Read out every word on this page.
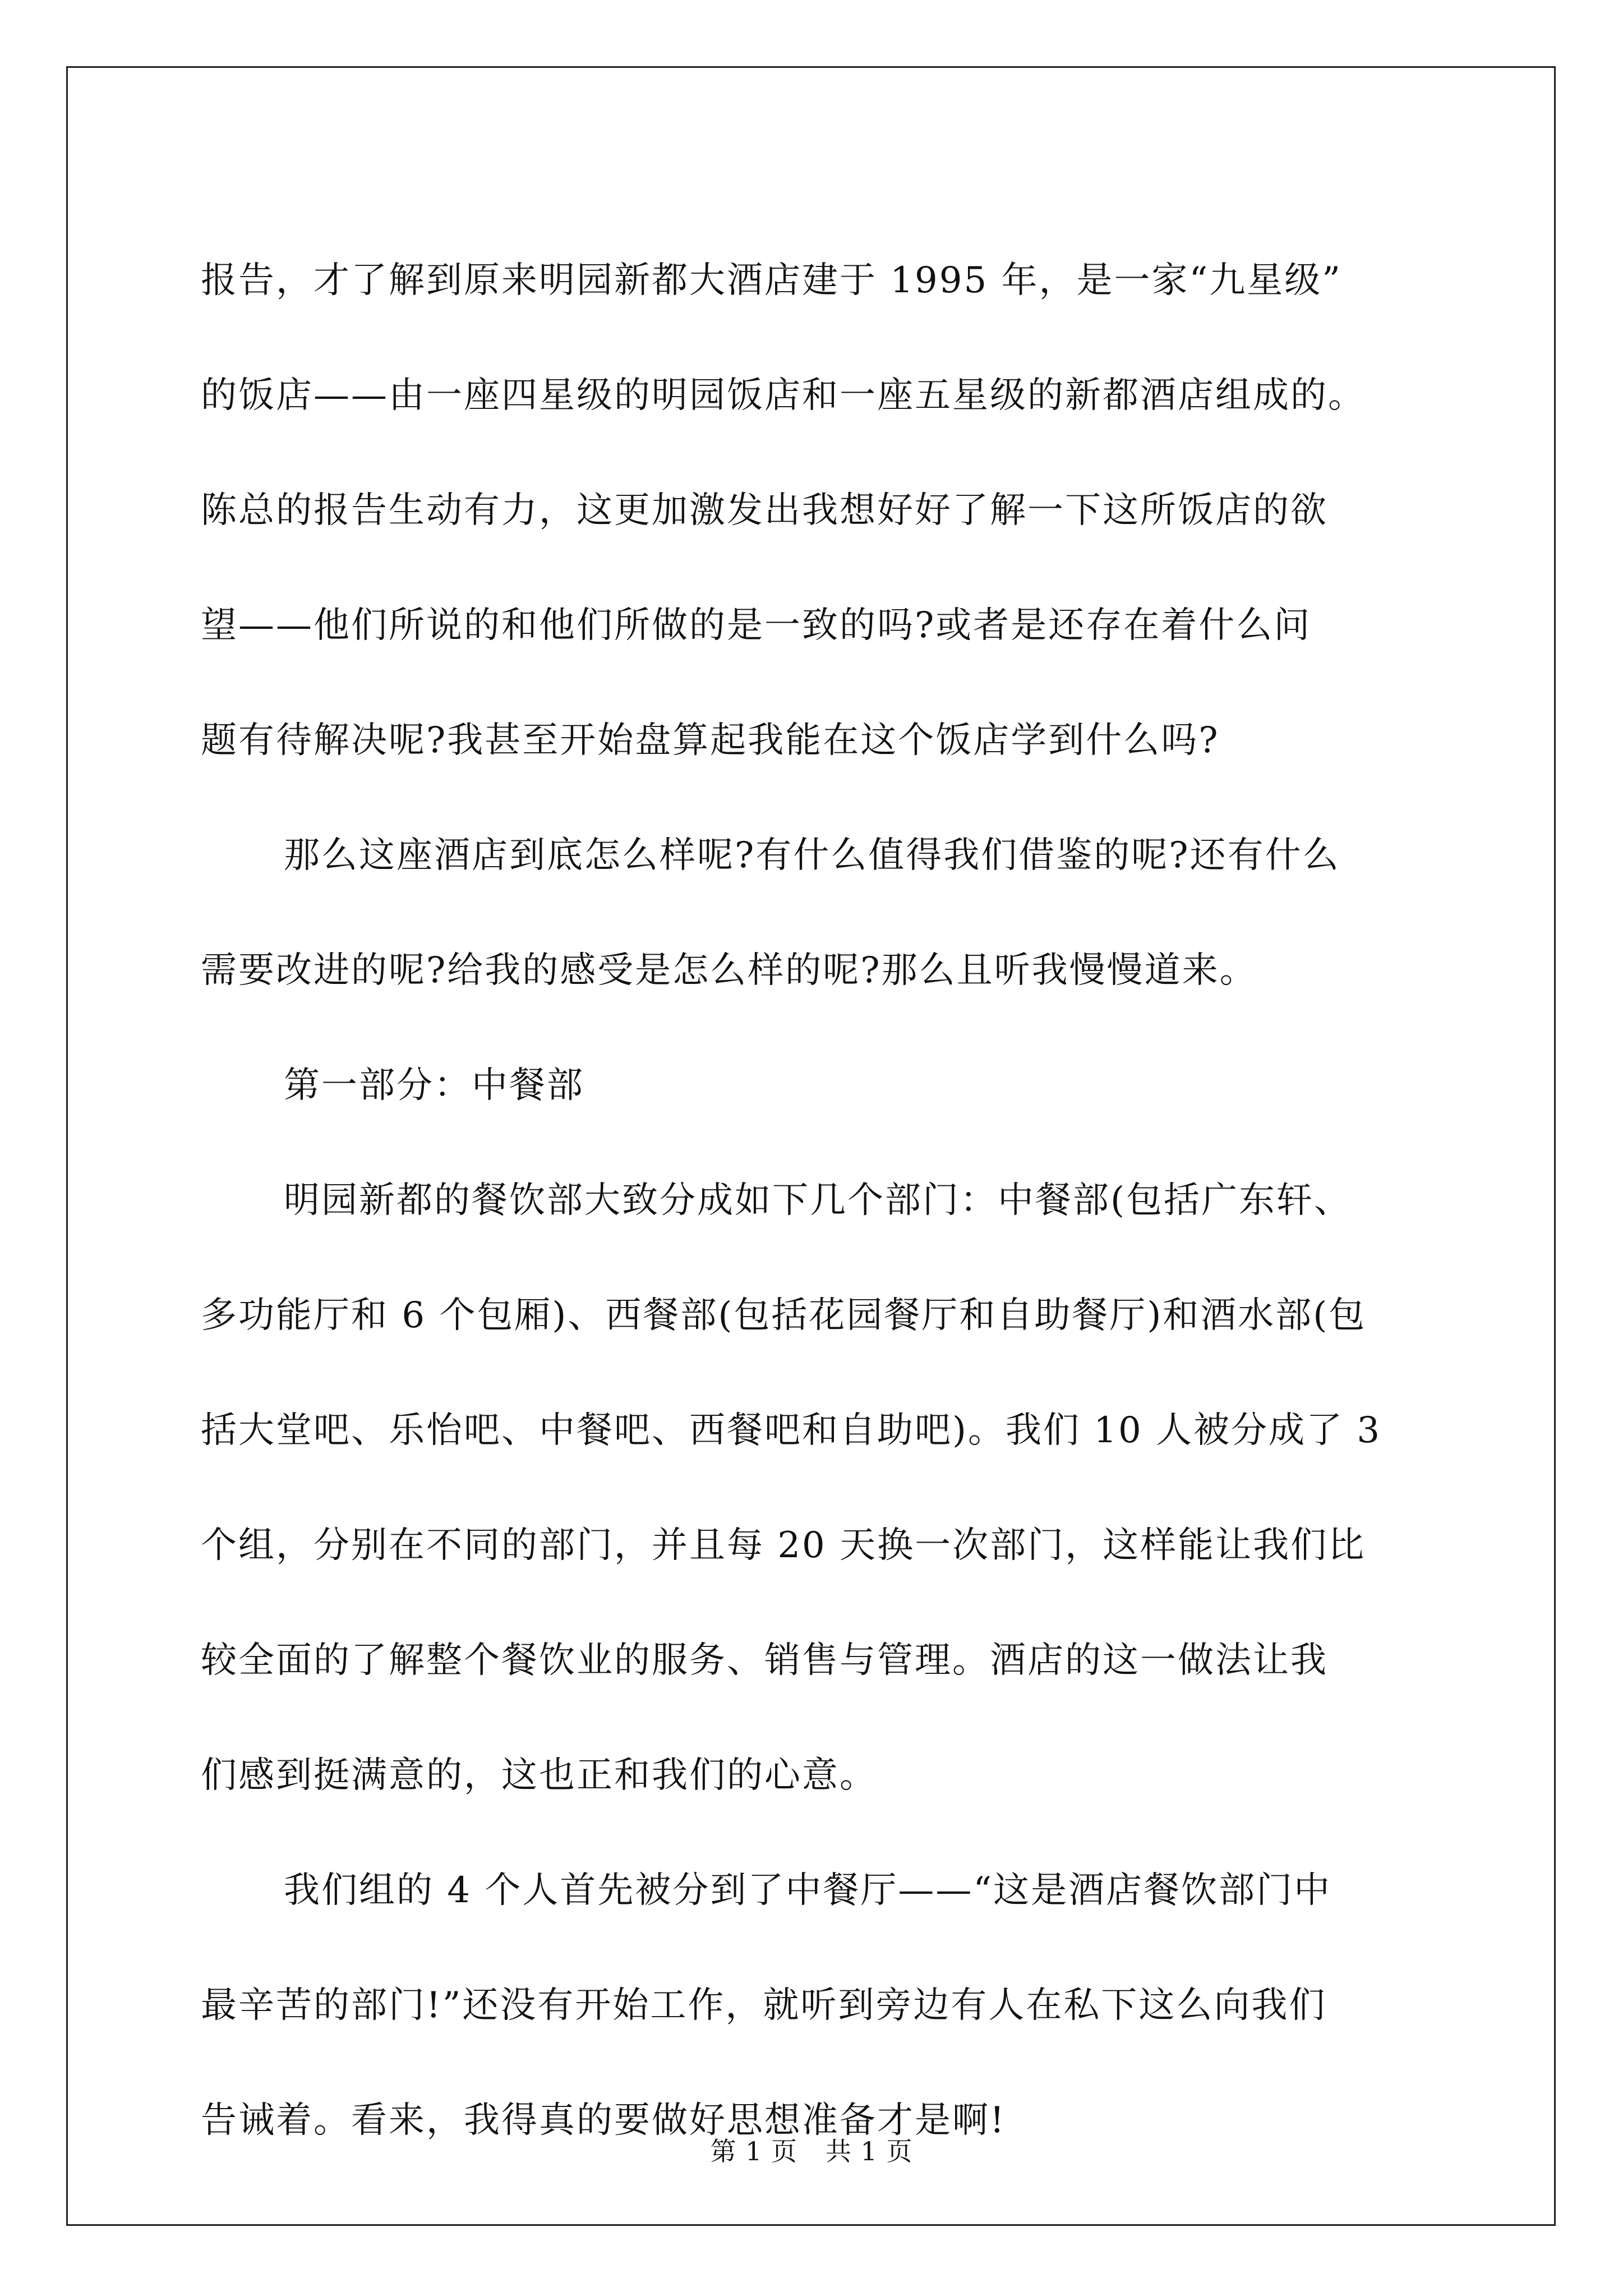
报告，才了解到原来明园新都大酒店建于 1995 年，是一家“九星级”
的饭店——由一座四星级的明园饭店和一座五星级的新都酒店组成的。
陈总的报告生动有力，这更加激发出我想好好了解一下这所饭店的欲
望——他们所说的和他们所做的是一致的吗?或者是还存在着什么问
题有待解决呢?我甚至开始盘算起我能在这个饭店学到什么吗?

那么这座酒店到底怎么样呢?有什么值得我们借鉴的呢?还有什么
需要改进的呢?给我的感受是怎么样的呢?那么且听我慢慢道来。

第一部分：中餐部

明园新都的餐饮部大致分成如下几个部门：中餐部(包括广东轩、
多功能厅和 6 个包厢)、西餐部(包括花园餐厅和自助餐厅)和酒水部(包
括大堂吧、乐怡吧、中餐吧、西餐吧和自助吧)。我们 10 人被分成了 3
个组，分别在不同的部门，并且每 20 天换一次部门，这样能让我们比
较全面的了解整个餐饮业的服务、销售与管理。酒店的这一做法让我
们感到挺满意的，这也正和我们的心意。

我们组的 4 个人首先被分到了中餐厅——“这是酒店餐饮部门中
最辛苦的部门!”还没有开始工作，就听到旁边有人在私下这么向我们
告诫着。看来，我得真的要做好思想准备才是啊!

第 1 页 共 1 页
